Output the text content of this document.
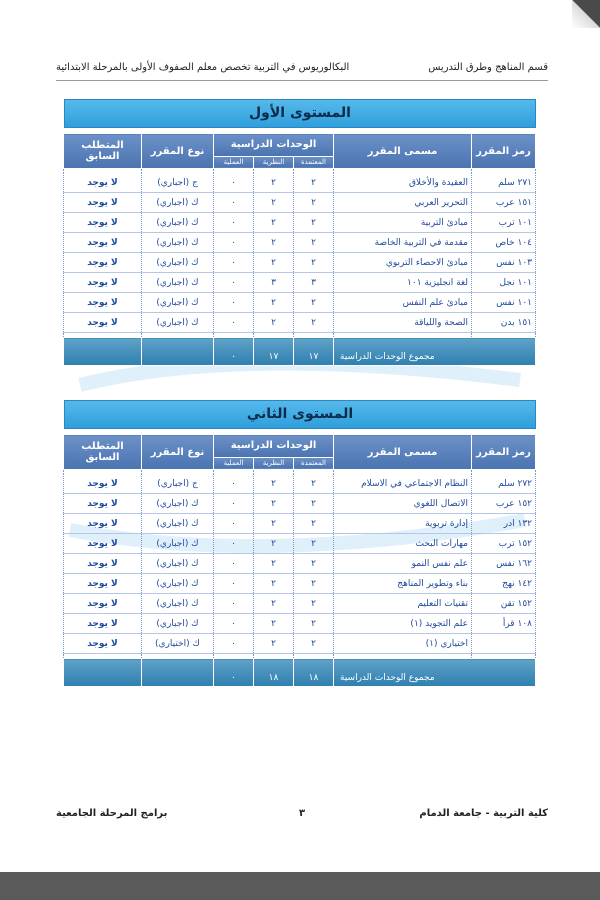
قسم المناهج وطرق التدريس
البكالوريوس في التربية تخصص معلم الصفوف الأولى بالمرحلة الابتدائية
المستوى الأول
رمز المقرر	مسمى المقرر	الوحدات الدراسية			نوع المقرر	المتطلب السابق
		المعتمدة	النظرية	العملية		

٢٧١ سلم	العقيدة والأخلاق	٢	٢	٠	ج (اجباري)	لا يوجد
١٥١ عرب	التحرير العربي	٢	٢	٠	ك (اجباري)	لا يوجد
١٠١ ترب	مبادئ التربية	٢	٢	٠	ك (اجباري)	لا يوجد
١٠٤ خاص	مقدمة في التربية الخاصة	٢	٢	٠	ك (اجباري)	لا يوجد
١٠٣ نفس	مبادئ الاحصاء التربوي	٢	٢	٠	ك (اجباري)	لا يوجد
١٠١ نجل	لغة انجليزية ١٠١	٣	٣	٠	ك (اجباري)	لا يوجد
١٠١ نفس	مبادئ علم النفس	٢	٢	٠	ك (اجباري)	لا يوجد
١٥١ بدن	الصحة واللياقة	٢	٢	٠	ك (اجباري)	لا يوجد

مجموع الوحدات الدراسية		١٧	١٧	٠		
المستوى الثاني
رمز المقرر	مسمى المقرر	الوحدات الدراسية			نوع المقرر	المتطلب السابق
		المعتمدة	النظرية	العملية		

٢٧٢ سلم	النظام الاجتماعي في الاسلام	٢	٢	٠	ج (اجباري)	لا يوجد
١٥٢ عرب	الاتصال اللغوي	٢	٢	٠	ك (اجباري)	لا يوجد
١٣٢ ادر	إدارة تربوية	٢	٢	٠	ك (اجباري)	لا يوجد
١٥٢ ترب	مهارات البحث	٢	٢	٠	ك (اجباري)	لا يوجد
١٦٢ نفس	علم نفس النمو	٢	٢	٠	ك (اجباري)	لا يوجد
١٤٢ نهج	بناء وتطوير المناهج	٢	٢	٠	ك (اجباري)	لا يوجد
١٥٢ تقن	تقنيات التعليم	٢	٢	٠	ك (اجباري)	لا يوجد
١٠٨ قرأ	علم التجويد (١)	٢	٢	٠	ك (اجباري)	لا يوجد
	اختياري (١)	٢	٢	٠	ك (اختياري)	لا يوجد

مجموع الوحدات الدراسية		١٨	١٨	٠		
كلية التربية - جامعة الدمام
٣
برامج المرحلة الجامعية
